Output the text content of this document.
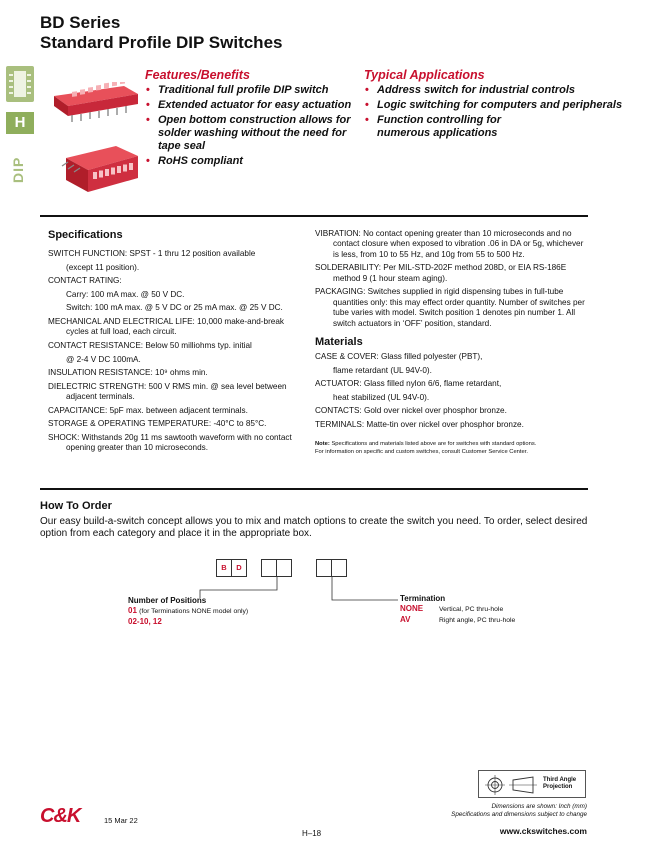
BD Series
Standard Profile DIP Switches
H
DIP
Features/Benefits
• Traditional full profile DIP switch
• Extended actuator for easy actuation
• Open bottom construction allows for solder washing without the need for tape seal
• RoHS compliant
Typical Applications
• Address switch for industrial controls
• Logic switching for computers and peripherals
• Function controlling for numerous applications
Specifications

SWITCH FUNCTION: SPST - 1 thru 12 position available

(except 11 position).

CONTACT RATING:

Carry: 100 mA max. @ 50 V DC.

Switch: 100 mA max. @ 5 V DC or 25 mA max. @ 25 V DC.

MECHANICAL AND ELECTRICAL LIFE: 10,000 make-and-break cycles at full load, each circuit.

CONTACT RESISTANCE: Below 50 milliohms typ. initial

@ 2-4 V DC 100mA.

INSULATION RESISTANCE: 10⁹ ohms min.

DIELECTRIC STRENGTH: 500 V RMS min. @ sea level between adjacent terminals.

CAPACITANCE: 5pF max. between adjacent terminals.

STORAGE & OPERATING TEMPERATURE: -40°C to 85°C.

SHOCK: Withstands 20g 11 ms sawtooth waveform with no contact opening greater than 10 microseconds.

VIBRATION: No contact opening greater than 10 microseconds and no contact closure when exposed to vibration .06 in DA or 5g, whichever is less, from 10 to 55 Hz, and 10g from 55 to 500 Hz.

SOLDERABILITY: Per MIL-STD-202F method 208D, or EIA RS-186E method 9 (1 hour steam aging).

PACKAGING: Switches supplied in rigid dispensing tubes in full-tube quantities only: this may effect order quantity. Number of switches per tube varies with model. Switch position 1 denotes pin number 1. All switch actuators in ‘OFF’ position, standard.

Materials

CASE & COVER: Glass filled polyester (PBT),

flame retardant (UL 94V-0).

ACTUATOR: Glass filled nylon 6/6, flame retardant,

heat stabilized (UL 94V-0).

CONTACTS: Gold over nickel over phosphor bronze.

TERMINALS: Matte-tin over nickel over phosphor bronze.

Note: Specifications and materials listed above are for switches with standard options.
For information on specific and custom switches, consult Customer Service Center.
How To Order
Our easy build-a-switch concept allows you to mix and match options to create the switch you need. To order, select desired option from each category and place it in the appropriate box.
B	D
Number of Positions
01 (for Terminations NONE model only)
02-10, 12
Termination
NONE Vertical, PC thru-hole
AV	Right angle, PC thru-hole
Third Angle
Projection
C&K	15 Mar 22
Dimensions are shown: Inch (mm)
Specifications and dimensions subject to change
H–18	www.ckswitches.com
